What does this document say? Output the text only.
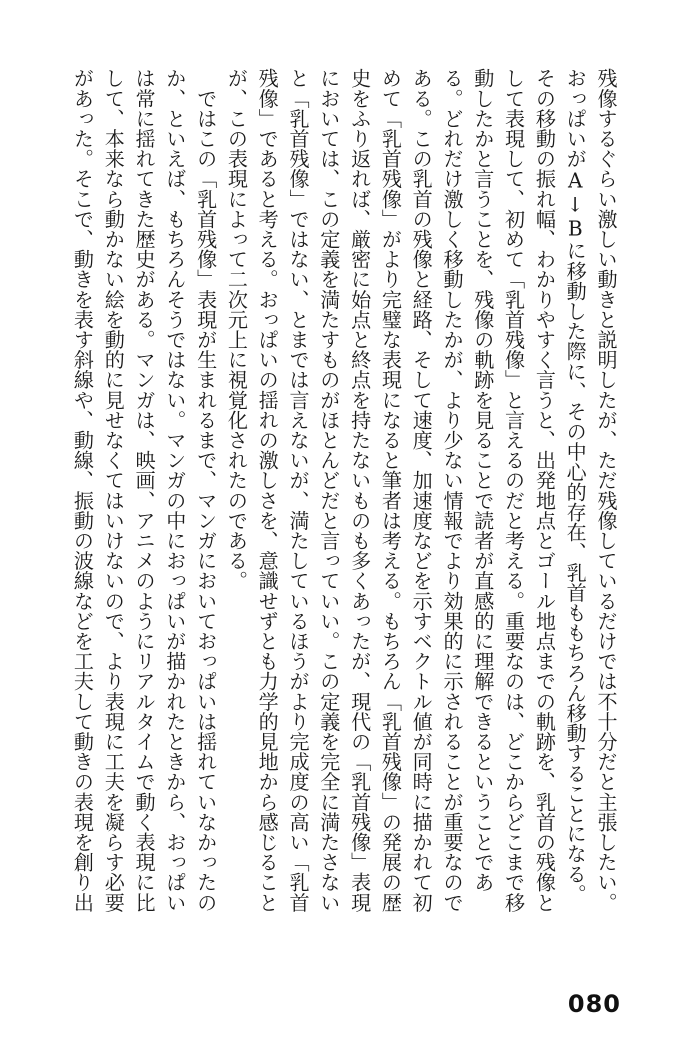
残像するぐらい激しい動きと説明したが、ただ残像しているだけでは不十分だと主張したい。
おっぱいがA↓Bに移動した際に、その中心的存在、乳首ももちろん移動することになる。
その移動の振れ幅、わかりやすく言うと、出発地点とゴール地点までの軌跡を、乳首の残像と
して表現して、初めて「乳首残像」と言えるのだと考える。重要なのは、どこからどこまで移
動したかと言うことを、残像の軌跡を見ることで読者が直感的に理解できるということであ
る。どれだけ激しく移動したかが、より少ない情報でより効果的に示されることが重要なので
ある。この乳首の残像と経路、そして速度、加速度などを示すベクトル値が同時に描かれて初
めて「乳首残像」がより完璧な表現になると筆者は考える。もちろん「乳首残像」の発展の歴
史をふり返れば、厳密に始点と終点を持たないものも多くあったが、現代の「乳首残像」表現
においては、この定義を満たすものがほとんどだと言っていい。この定義を完全に満たさない
と「乳首残像」ではない、とまでは言えないが、満たしているほうがより完成度の高い「乳首
残像」であると考える。おっぱいの揺れの激しさを、意識せずとも力学的見地から感じること
が、この表現によって二次元上に視覚化されたのである。
　ではこの「乳首残像」表現が生まれるまで、マンガにおいておっぱいは揺れていなかったの
か、といえば、もちろんそうではない。マンガの中におっぱいが描かれたときから、おっぱい
は常に揺れてきた歴史がある。マンガは、映画、アニメのようにリアルタイムで動く表現に比
して、本来なら動かない絵を動的に見せなくてはいけないので、より表現に工夫を凝らす必要
があった。そこで、動きを表す斜線や、動線、振動の波線などを工夫して動きの表現を創り出
080
